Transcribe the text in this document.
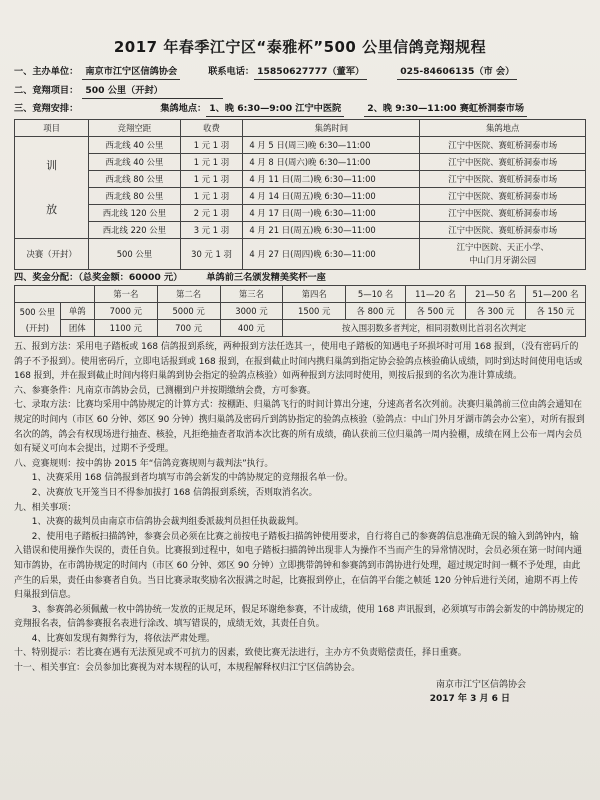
2017 年春季江宁区“泰雅杯”500 公里信鸽竞翔规程
一、主办单位： 南京市江宁区信鸽协会	联系电话： 15850627777（董军）	025-84606135（市 会）
二、竞翔项目： 500 公里（开封）
三、竞翔安排：	集鸽地点： 1、晚 6:30—9:00 江宁中医院	2、晚 9:30—11:00 赛虹桥洞泰市场
项目	竞翔空距	收费	集鸽时间	集鸽地点

训
放	西北线 40 公里	1 元 1 羽	4 月 5 日(周三)晚 6:30—11:00	江宁中医院、赛虹桥洞泰市场
	西北线 40 公里	1 元 1 羽	4 月 8 日(周六)晚 6:30—11:00	江宁中医院、赛虹桥洞泰市场
	西北线 80 公里	1 元 1 羽	4 月 11 日(周二)晚 6:30—11:00	江宁中医院、赛虹桥洞泰市场
	西北线 80 公里	1 元 1 羽	4 月 14 日(周五)晚 6:30—11:00	江宁中医院、赛虹桥洞泰市场
	西北线 120 公里	2 元 1 羽	4 月 17 日(周一)晚 6:30—11:00	江宁中医院、赛虹桥洞泰市场
	西北线 220 公里	3 元 1 羽	4 月 21 日(周五)晚 6:30—11:00	江宁中医院、赛虹桥洞泰市场
决赛（开封）	500 公里	30 元 1 羽	4 月 27 日(周四)晚 6:30—11:00	江宁中医院、天正小学、
中山门月牙湖公园
四、奖金分配：（总奖金额：60000 元）	单鸽前三名颁发精美奖杯一座
		第一名	第二名	第三名	第四名	5—10 名	11—20 名	21—50 名	51—200 名

500 公里
(开封)	单鸽	7000 元	5000 元	3000 元	1500 元	各 800 元	各 500 元	各 300 元	各 150 元
	团体	1100 元	700 元	400 元	按入围羽数多者判定，相同羽数则比首羽名次判定				
五、报到方法：采用电子踏板或 168 信鸽报到系统，两种报到方法任选其一，使用电子踏板的知遇电子环损坏时可用 168 报到，（没有密码斤的鸽子不予报到）。使用密码斤，立即电话报到或 168 报到，在报到截止时间内携归巢鸽到指定协会验鸽点核验确认成绩，同时到达时间使用电话或 168 报到，并在报到截止时间内将归巢鸽到协会指定的验鸽点核验）如两种报到方法同时使用，则按后报到的名次为准计算成绩。
六、参赛条件：凡南京市鸽协会员，已测棚到户并按期缴纳会费，方可参赛。
七、录取方法：比赛均采用中鸽协规定的计算方式：按棚距、归巢鸽飞行的时间计算出分速，分速高者名次列前。决赛归巢鸽前三位由鸽会通知在规定的时间内（市区 60 分钟、郊区 90 分钟）携归巢鸽及密码斤到鸽协指定的验鸽点核验（验鸽点：中山门外月牙湖市鸽会办公室），对所有报到名次的鸽，鸽会有权现场进行抽查、核验，凡拒绝抽查者取消本次比赛的所有成绩，确认获前三位归巢鸽一周内验棚，成绩在网上公布一周内会员如有疑义可向本会提出，过期不予受理。
八、竞赛规则：按中鸽协 2015 年“信鸽竞赛规则与裁判法”执行。
1、决赛采用 168 信鸽报到者均填写市鸽会新发的中鸽协规定的竞翔报名单一份。
2、决赛放飞开笼当日不得参加拔打 168 信鸽报到系统，否则取消名次。
九、相关事项：
1、决赛的裁判员由南京市信鸽协会裁判组委派裁判员担任执裁裁判。
2、使用电子踏板扫描鸽钟，参赛会员必须在比赛之前按电子踏板扫描鸽钟使用要求，自行将自己的参赛鸽信息准确无误的输入到鸽钟内，输入错误和使用操作失误的，责任自负。比赛报到过程中，如电子踏板扫描鸽钟出现非人为操作不当而产生的异常情况时，会员必须在第一时间内通知市鸽协，在市鸽协规定的时间内（市区 60 分钟、郊区 90 分钟）立即携带鸽钟和参赛鸽到市鸽协进行处理，超过规定时间一概不予处理，由此产生的后果，责任由参赛者自负。当日比赛录取奖励名次报满之时起，比赛报到停止，在信鸽平台能之帧延 120 分钟后进行关闭，逾期不再上传归巢报到信息。
3、参赛鸽必须佩戴一枚中鸽协统一发放的正规足环，假足环谢绝参赛，不计成绩，使用 168 声讯报到，必须填写市鸽会新发的中鸽协规定的竞翔报名表，信鸽参赛报名表进行涂改、填写错误的，成绩无效，其责任自负。
4、比赛如发现有舞弊行为，将依法严肃处理。
十、特别提示：若比赛在遇有无法预见或不可抗力的因素，致使比赛无法进行，主办方不负责赔偿责任，择日重赛。
十一、相关事宜：会员参加比赛视为对本规程的认可，本规程解释权归江宁区信鸽协会。
南京市江宁区信鸽协会
2017 年 3 月 6 日
